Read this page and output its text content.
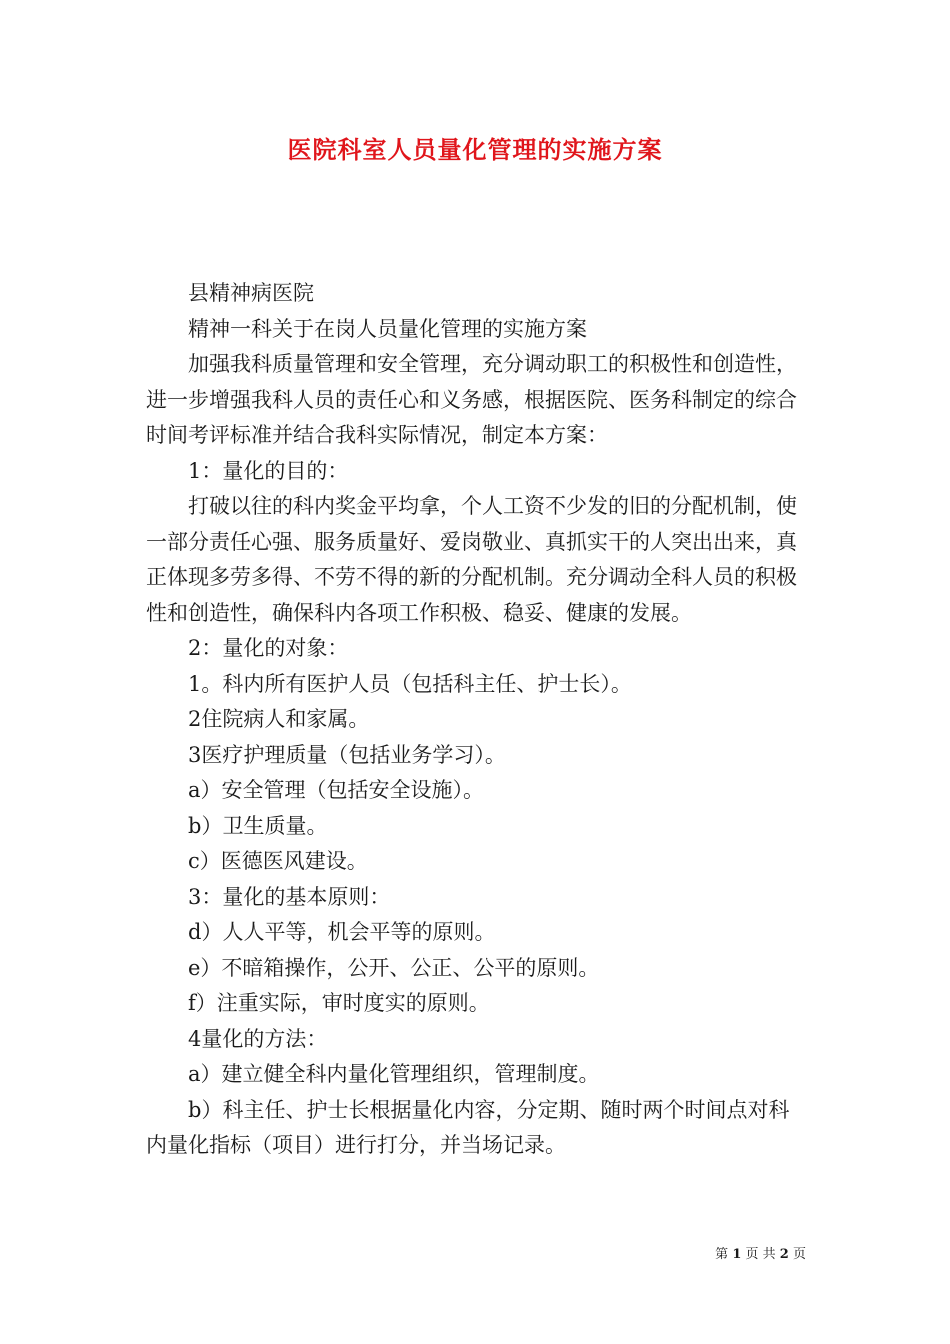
医院科室人员量化管理的实施方案

县精神病医院

精神一科关于在岗人员量化管理的实施方案

加强我科质量管理和安全管理，充分调动职工的积极性和创造性，进一步增强我科人员的责任心和义务感，根据医院、医务科制定的综合时间考评标准并结合我科实际情况，制定本方案：

1：量化的目的：

打破以往的科内奖金平均拿，个人工资不少发的旧的分配机制，使一部分责任心强、服务质量好、爱岗敬业、真抓实干的人突出出来，真正体现多劳多得、不劳不得的新的分配机制。充分调动全科人员的积极性和创造性，确保科内各项工作积极、稳妥、健康的发展。

2：量化的对象：

1。科内所有医护人员（包括科主任、护士长）。

2住院病人和家属。

3医疗护理质量（包括业务学习）。

a）安全管理（包括安全设施）。

b）卫生质量。

c）医德医风建设。

3：量化的基本原则：

d）人人平等，机会平等的原则。

e）不暗箱操作，公开、公正、公平的原则。

f）注重实际，审时度实的原则。

4量化的方法：

a）建立健全科内量化管理组织，管理制度。

b）科主任、护士长根据量化内容，分定期、随时两个时间点对科内量化指标（项目）进行打分，并当场记录。

第 1 页 共 2 页
